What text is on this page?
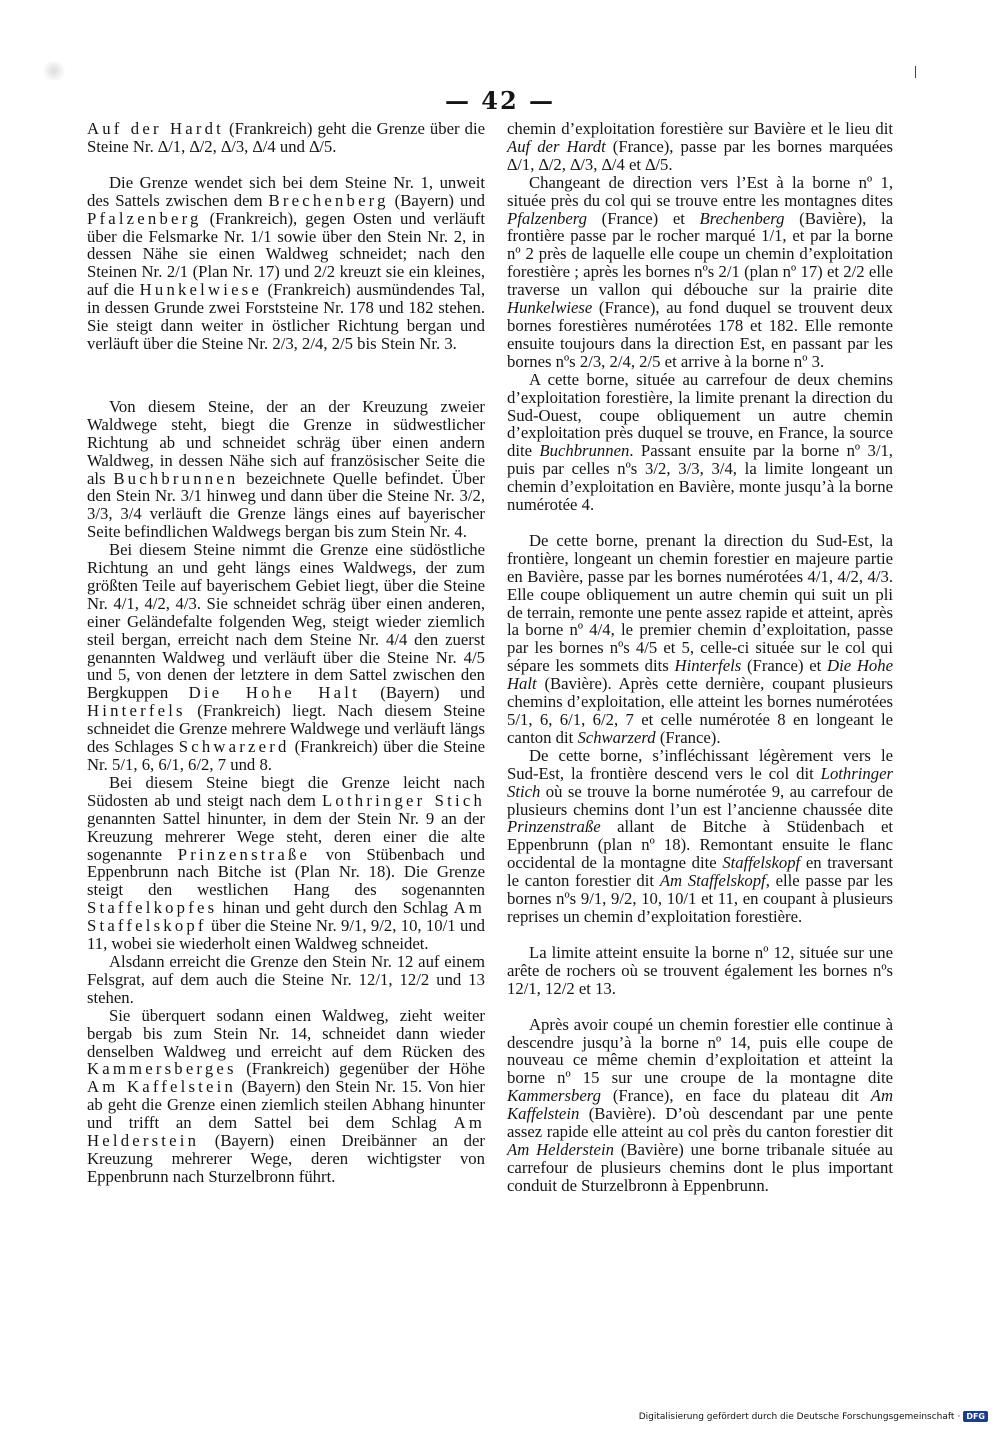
— 42 —

Auf der Hardt (Frankreich) geht die Grenze über die Steine Nr. ∆/1, ∆/2, ∆/3, ∆/4 und ∆/5.

Die Grenze wendet sich bei dem Steine Nr. 1, unweit des Sattels zwischen dem Brechenberg (Bayern) und Pfalzenberg (Frankreich), gegen Osten und verläuft über die Felsmarke Nr. 1/1 sowie über den Stein Nr. 2, in dessen Nähe sie einen Waldweg schneidet; nach den Steinen Nr. 2/1 (Plan Nr. 17) und 2/2 kreuzt sie ein kleines, auf die Hunkelwiese (Frankreich) ausmündendes Tal, in dessen Grunde zwei Forststeine Nr. 178 und 182 stehen. Sie steigt dann weiter in östlicher Richtung bergan und verläuft über die Steine Nr. 2/3, 2/4, 2/5 bis Stein Nr. 3.

Von diesem Steine, der an der Kreuzung zweier Waldwege steht, biegt die Grenze in südwestlicher Richtung ab und schneidet schräg über einen andern Waldweg, in dessen Nähe sich auf französischer Seite die als Buchbrunnen bezeichnete Quelle befindet. Über den Stein Nr. 3/1 hinweg und dann über die Steine Nr. 3/2, 3/3, 3/4 verläuft die Grenze längs eines auf bayerischer Seite befindlichen Waldwegs bergan bis zum Stein Nr. 4.

Bei diesem Steine nimmt die Grenze eine südöstliche Richtung an und geht längs eines Waldwegs, der zum größten Teile auf bayerischem Gebiet liegt, über die Steine Nr. 4/1, 4/2, 4/3. Sie schneidet schräg über einen anderen, einer Geländefalte folgenden Weg, steigt wieder ziemlich steil bergan, erreicht nach dem Steine Nr. 4/4 den zuerst genannten Waldweg und verläuft über die Steine Nr. 4/5 und 5, von denen der letztere in dem Sattel zwischen den Bergkuppen Die Hohe Halt (Bayern) und Hinterfels (Frankreich) liegt. Nach diesem Steine schneidet die Grenze mehrere Waldwege und verläuft längs des Schlages Schwarzerd (Frankreich) über die Steine Nr. 5/1, 6, 6/1, 6/2, 7 und 8.

Bei diesem Steine biegt die Grenze leicht nach Südosten ab und steigt nach dem Lothringer Stich genannten Sattel hinunter, in dem der Stein Nr. 9 an der Kreuzung mehrerer Wege steht, deren einer die alte sogenannte Prinzenstraße von Stübenbach und Eppenbrunn nach Bitche ist (Plan Nr. 18). Die Grenze steigt den westlichen Hang des sogenannten Staffelkopfes hinan und geht durch den Schlag Am Staffelskopf über die Steine Nr. 9/1, 9/2, 10, 10/1 und 11, wobei sie wiederholt einen Waldweg schneidet.

Alsdann erreicht die Grenze den Stein Nr. 12 auf einem Felsgrat, auf dem auch die Steine Nr. 12/1, 12/2 und 13 stehen.

Sie überquert sodann einen Waldweg, zieht weiter bergab bis zum Stein Nr. 14, schneidet dann wieder denselben Waldweg und erreicht auf dem Rücken des Kammersberges (Frankreich) gegenüber der Höhe Am Kaffelstein (Bayern) den Stein Nr. 15. Von hier ab geht die Grenze einen ziemlich steilen Abhang hinunter und trifft an dem Sattel bei dem Schlag Am Helderstein (Bayern) einen Dreibänner an der Kreuzung mehrerer Wege, deren wichtigster von Eppenbrunn nach Sturzelbronn führt.

chemin d’exploitation forestière sur Bavière et le lieu dit Auf der Hardt (France), passe par les bornes marquées ∆/1, ∆/2, ∆/3, ∆/4 et ∆/5.

Changeant de direction vers l’Est à la borne nº 1, située près du col qui se trouve entre les montagnes dites Pfalzenberg (France) et Brechenberg (Bavière), la frontière passe par le rocher marqué 1/1, et par la borne nº 2 près de laquelle elle coupe un chemin d’exploitation forestière ; après les bornes nºs 2/1 (plan nº 17) et 2/2 elle traverse un vallon qui débouche sur la prairie dite Hunkelwiese (France), au fond duquel se trouvent deux bornes forestières numérotées 178 et 182. Elle remonte ensuite toujours dans la direction Est, en passant par les bornes nºs 2/3, 2/4, 2/5 et arrive à la borne nº 3.

A cette borne, située au carrefour de deux chemins d’exploitation forestière, la limite prenant la direction du Sud-Ouest, coupe obliquement un autre chemin d’exploitation près duquel se trouve, en France, la source dite Buchbrunnen. Passant ensuite par la borne nº 3/1, puis par celles nºs 3/2, 3/3, 3/4, la limite longeant un chemin d’exploitation en Bavière, monte jusqu’à la borne numérotée 4.

De cette borne, prenant la direction du Sud-Est, la frontière, longeant un chemin forestier en majeure partie en Bavière, passe par les bornes numérotées 4/1, 4/2, 4/3. Elle coupe obliquement un autre chemin qui suit un pli de terrain, remonte une pente assez rapide et atteint, après la borne nº 4/4, le premier chemin d’exploitation, passe par les bornes nºs 4/5 et 5, celle-ci située sur le col qui sépare les sommets dits Hinterfels (France) et Die Hohe Halt (Bavière). Après cette dernière, coupant plusieurs chemins d’exploitation, elle atteint les bornes numérotées 5/1, 6, 6/1, 6/2, 7 et celle numérotée 8 en longeant le canton dit Schwarzerd (France).

De cette borne, s’infléchissant légèrement vers le Sud-Est, la frontière descend vers le col dit Lothringer Stich où se trouve la borne numérotée 9, au carrefour de plusieurs chemins dont l’un est l’ancienne chaussée dite Prinzenstraße allant de Bitche à Stüdenbach et Eppenbrunn (plan nº 18). Remontant ensuite le flanc occidental de la montagne dite Staffelskopf en traversant le canton forestier dit Am Staffelskopf, elle passe par les bornes nºs 9/1, 9/2, 10, 10/1 et 11, en coupant à plusieurs reprises un chemin d’exploitation forestière.

La limite atteint ensuite la borne nº 12, située sur une arête de rochers où se trouvent également les bornes nºs 12/1, 12/2 et 13.

Après avoir coupé un chemin forestier elle continue à descendre jusqu’à la borne nº 14, puis elle coupe de nouveau ce même chemin d’exploitation et atteint la borne nº 15 sur une croupe de la montagne dite Kammersberg (France), en face du plateau dit Am Kaffelstein (Bavière). D’où descendant par une pente assez rapide elle atteint au col près du canton forestier dit Am Helderstein (Bavière) une borne tribanale située au carrefour de plusieurs chemins dont le plus important conduit de Sturzelbronn à Eppenbrunn.

Digitalisierung gefördert durch die Deutsche Forschungsgemeinschaft · DFG
